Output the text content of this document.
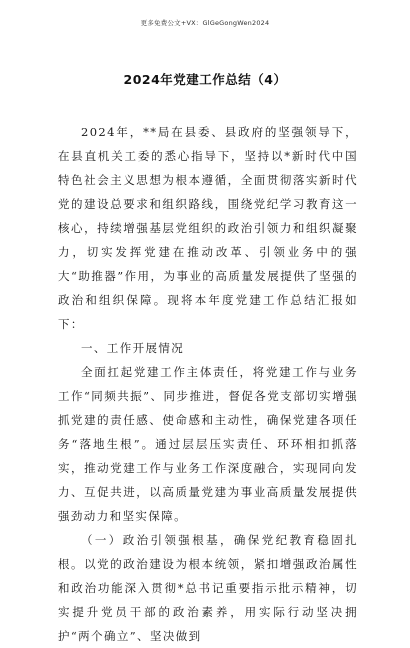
更多免费公文+VX：GlGeGongWen2024
2024年党建工作总结（4）

2024年，**局在县委、县政府的坚强领导下，在县直机关工委的悉心指导下，坚持以*新时代中国特色社会主义思想为根本遵循，全面贯彻落实新时代党的建设总要求和组织路线，围绕党纪学习教育这一核心，持续增强基层党组织的政治引领力和组织凝聚力，切实发挥党建在推动改革、引领业务中的强大“助推器”作用，为事业的高质量发展提供了坚强的政治和组织保障。现将本年度党建工作总结汇报如下：

一、工作开展情况

全面扛起党建工作主体责任，将党建工作与业务工作“同频共振”、同步推进，督促各党支部切实增强抓党建的责任感、使命感和主动性，确保党建各项任务“落地生根”。通过层层压实责任、环环相扣抓落实，推动党建工作与业务工作深度融合，实现同向发力、互促共进，以高质量党建为事业高质量发展提供强劲动力和坚实保障。

（一）政治引领强根基，确保党纪教育稳固扎根。以党的政治建设为根本统领，紧扣增强政治属性和政治功能深入贯彻*总书记重要指示批示精神，切实提升党员干部的政治素养，用实际行动坚决拥护“两个确立”、坚决做到
